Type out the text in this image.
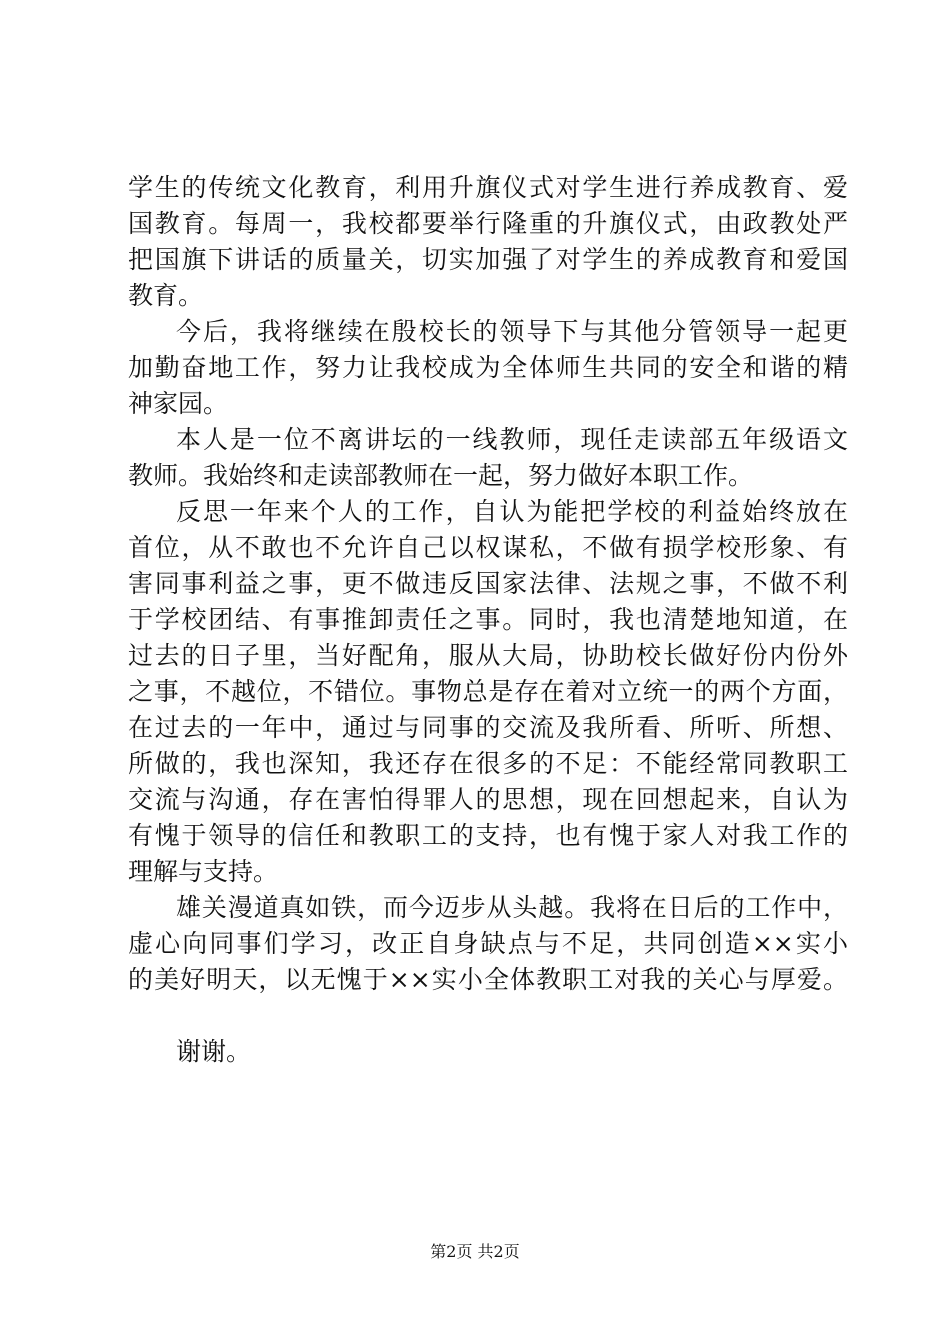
学生的传统文化教育，利用升旗仪式对学生进行养成教育、爱
国教育。每周一，我校都要举行隆重的升旗仪式，由政教处严
把国旗下讲话的质量关，切实加强了对学生的养成教育和爱国
教育。
今后，我将继续在殷校长的领导下与其他分管领导一起更
加勤奋地工作，努力让我校成为全体师生共同的安全和谐的精
神家园。
本人是一位不离讲坛的一线教师，现任走读部五年级语文
教师。我始终和走读部教师在一起，努力做好本职工作。
反思一年来个人的工作，自认为能把学校的利益始终放在
首位，从不敢也不允许自己以权谋私，不做有损学校形象、有
害同事利益之事，更不做违反国家法律、法规之事，不做不利
于学校团结、有事推卸责任之事。同时，我也清楚地知道，在
过去的日子里，当好配角，服从大局，协助校长做好份内份外
之事，不越位，不错位。事物总是存在着对立统一的两个方面，
在过去的一年中，通过与同事的交流及我所看、所听、所想、
所做的，我也深知，我还存在很多的不足：不能经常同教职工
交流与沟通，存在害怕得罪人的思想，现在回想起来，自认为
有愧于领导的信任和教职工的支持，也有愧于家人对我工作的
理解与支持。
雄关漫道真如铁，而今迈步从头越。我将在日后的工作中，
虚心向同事们学习，改正自身缺点与不足，共同创造××实小
的美好明天，以无愧于××实小全体教职工对我的关心与厚爱。
谢谢。
第2页 共2页
